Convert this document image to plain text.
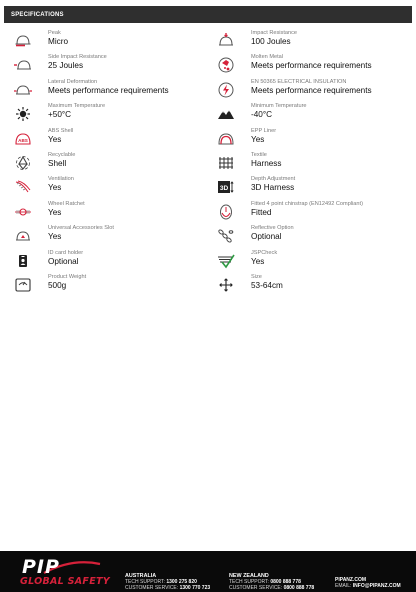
SPECIFICATIONS
Peak
Micro
Impact Resistance
100 Joules
Side Impact Resistance
25 Joules
Molten Metal
Meets performance requirements
Lateral Deformation
Meets performance requirements
EN 50365 ELECTRICAL INSULATION
Meets performance requirements
Maximum Temperature
+50°C
Minimum Temperature
-40°C
ABS
ABS Shell
Yes
EPP Liner
Yes
Recyclable
Shell
Textile
Harness
Ventilation
Yes	3D
Depth Adjustment
3D Harness
Wheel Ratchet
Yes
Fitted 4 point chinstrap (EN12492 Compliant)
Fitted
Universal Accessories Slot
Yes
Reflective Option
Optional
ID card holder
Optional
JSPCheck
Yes
Product Weight
500g
Size
53-64cm
PIP
GLOBAL SAFETY	AUSTRALIA
TECH SUPPORT: 1300 275 820
CUSTOMER SERVICE: 1300 770 723
NEW ZEALAND
TECH SUPPORT: 0800 888 778
CUSTOMER SERVICE: 0800 888 778
PIPANZ.COM
EMAIL: INFO@PIPANZ.COM
